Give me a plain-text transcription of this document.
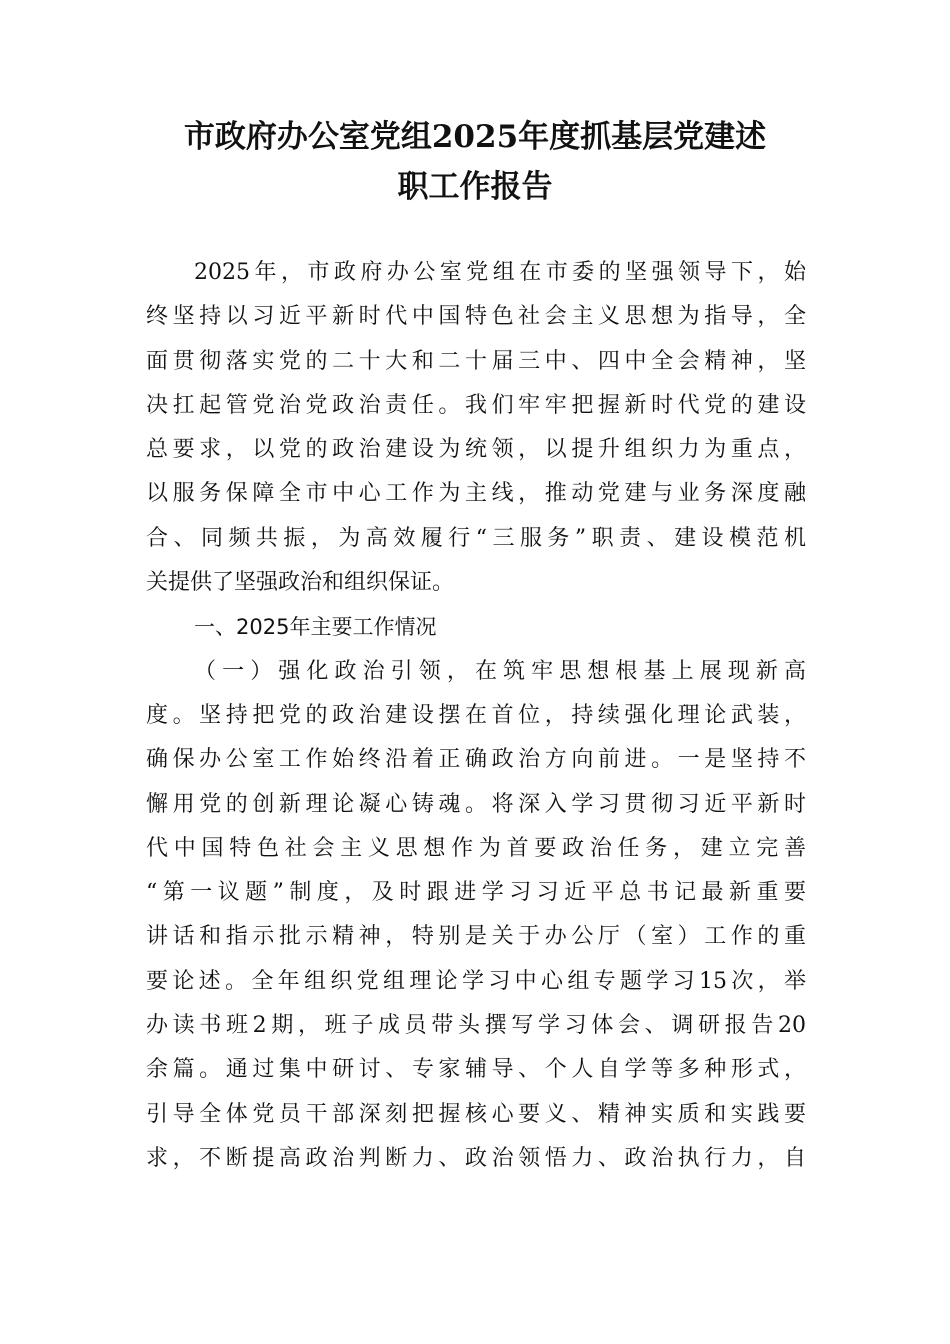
市政府办公室党组2025年度抓基层党建述
职工作报告
2025年，市政府办公室党组在市委的坚强领导下，始
终坚持以习近平新时代中国特色社会主义思想为指导，全
面贯彻落实党的二十大和二十届三中、四中全会精神，坚
决扛起管党治党政治责任。我们牢牢把握新时代党的建设
总要求，以党的政治建设为统领，以提升组织力为重点，
以服务保障全市中心工作为主线，推动党建与业务深度融
合、同频共振，为高效履行“三服务”职责、建设模范机
关提供了坚强政治和组织保证。
一、2025年主要工作情况
（一）强化政治引领，在筑牢思想根基上展现新高
度。坚持把党的政治建设摆在首位，持续强化理论武装，
确保办公室工作始终沿着正确政治方向前进。一是坚持不
懈用党的创新理论凝心铸魂。将深入学习贯彻习近平新时
代中国特色社会主义思想作为首要政治任务，建立完善
“第一议题”制度，及时跟进学习习近平总书记最新重要
讲话和指示批示精神，特别是关于办公厅（室）工作的重
要论述。全年组织党组理论学习中心组专题学习15次，举
办读书班2期，班子成员带头撰写学习体会、调研报告20
余篇。通过集中研讨、专家辅导、个人自学等多种形式，
引导全体党员干部深刻把握核心要义、精神实质和实践要
求，不断提高政治判断力、政治领悟力、政治执行力，自
